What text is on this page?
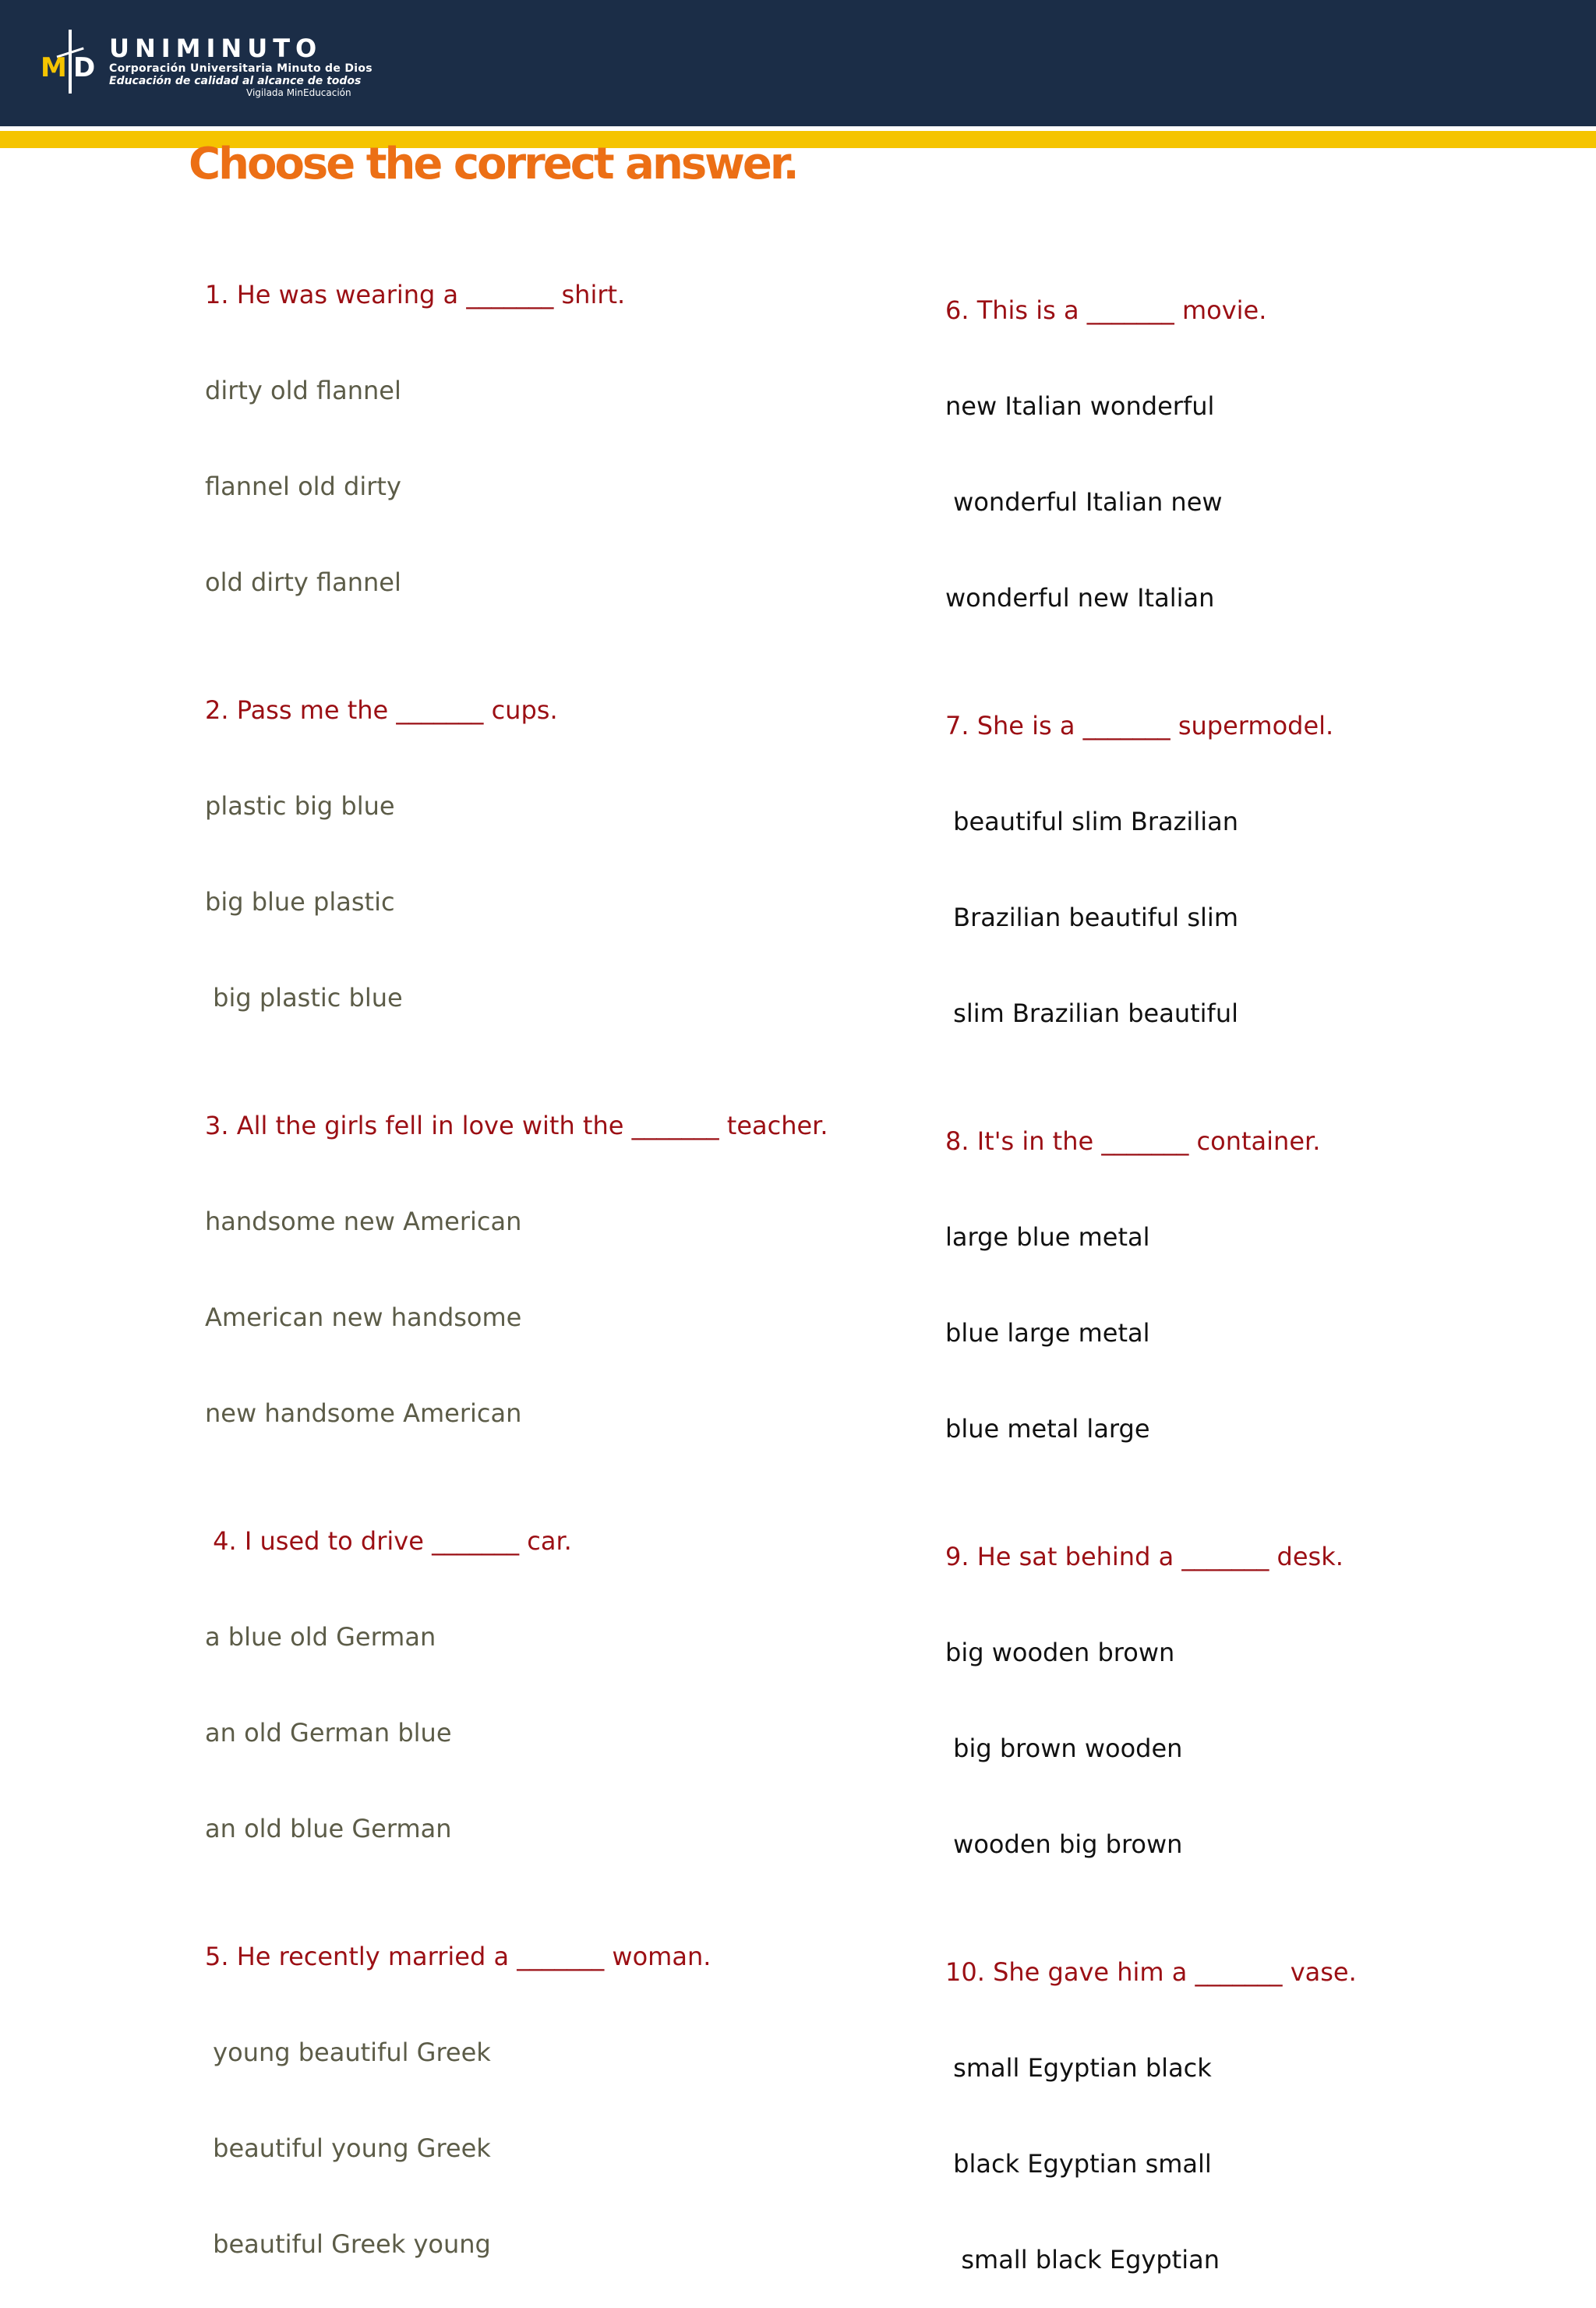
M D
UNIMINUTO
Corporación Universitaria Minuto de Dios
Educación de calidad al alcance de todos
Vigilada MinEducación
Choose the correct answer.

1. He was wearing a _______ shirt.

dirty old flannel

flannel old dirty

old dirty flannel

2. Pass me the _______ cups.

plastic big blue

big blue plastic

big plastic blue

3. All the girls fell in love with the _______ teacher.

handsome new American

American new handsome

new handsome American

4. I used to drive _______ car.

a blue old German

an old German blue

an old blue German

5. He recently married a _______ woman.

young beautiful Greek

beautiful young Greek

beautiful Greek young

6. This is a _______ movie.

new Italian wonderful

wonderful Italian new

wonderful new Italian

7. She is a _______ supermodel.

beautiful slim Brazilian

Brazilian beautiful slim

slim Brazilian beautiful

8. It's in the _______ container.

large blue metal

blue large metal

blue metal large

9. He sat behind a _______ desk.

big wooden brown

big brown wooden

wooden big brown

10. She gave him a _______ vase.

small Egyptian black

black Egyptian small

small black Egyptian
